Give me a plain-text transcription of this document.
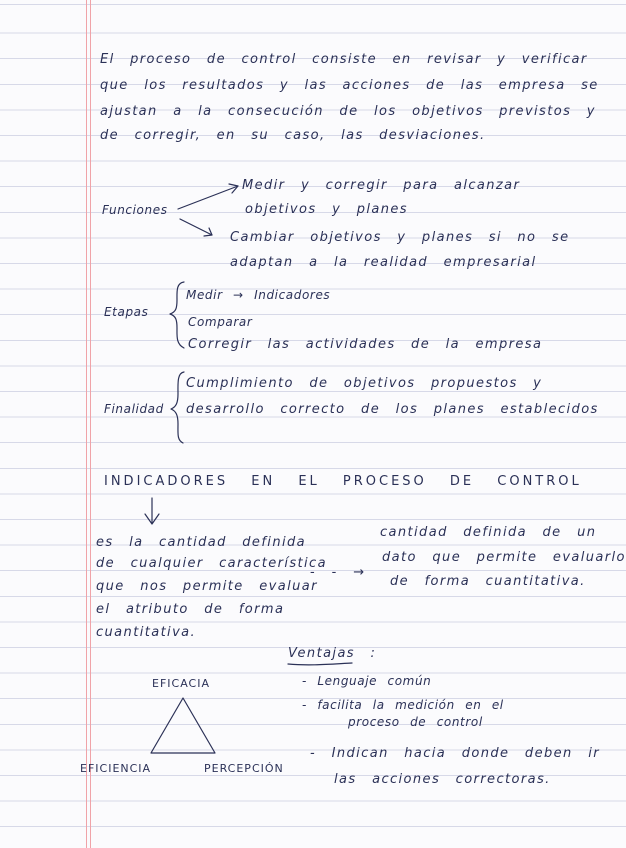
El proceso de control consiste en revisar y verificar
que los resultados y las acciones de las empresa se
ajustan a la consecución de los objetivos previstos y
de corregir, en su caso, las desviaciones.
Funciones
Medir y corregir para alcanzar
objetivos y planes
Cambiar objetivos y planes si no se
adaptan a la realidad empresarial
Etapas
Medir → Indicadores
Comparar
Corregir las actividades de la empresa
Finalidad
Cumplimiento de objetivos propuestos y
desarrollo correcto de los planes establecidos
INDICADORES EN EL PROCESO DE CONTROL
es la cantidad definida
de cualquier característica
que nos permite evaluar
el atributo de forma
cuantitativa.
- - →
cantidad definida de un
dato que permite evaluarlo
de forma cuantitativa.
EFICACIA
EFICIENCIA	PERCEPCIÓN
Ventajas :
- Lenguaje común
- facilita la medición en el
proceso de control
- Indican hacia donde deben ir
las acciones correctoras.
